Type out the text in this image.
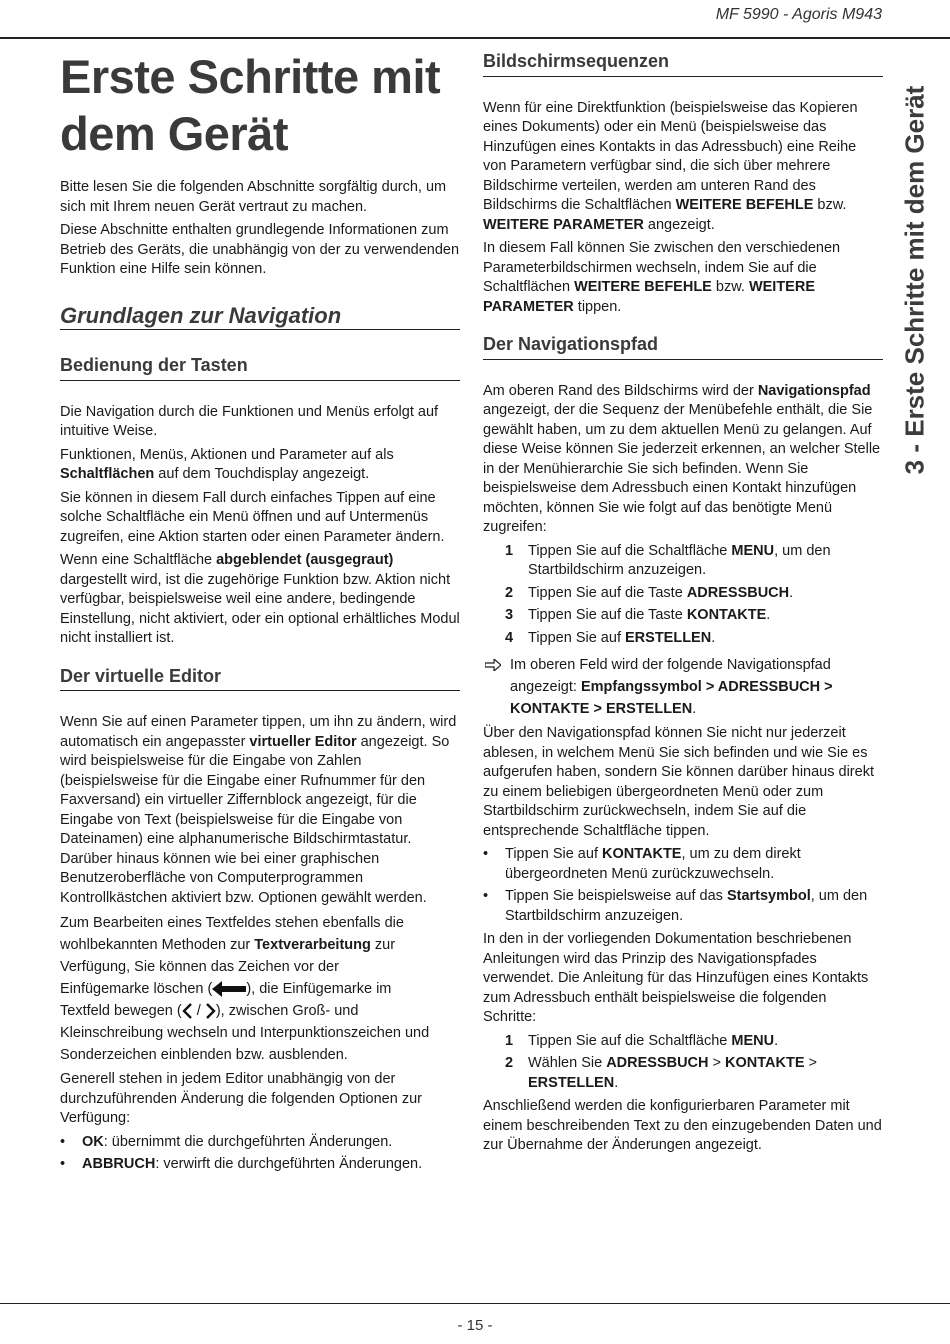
MF 5990 - Agoris M943
3 - Erste Schritte mit dem Gerät
Erste Schritte mit
dem Gerät

Bitte lesen Sie die folgenden Abschnitte sorgfältig durch, um sich mit Ihrem neuen Gerät vertraut zu machen.

Diese Abschnitte enthalten grundlegende Informationen zum Betrieb des Geräts, die unabhängig von der zu verwendenden Funktion eine Hilfe sein können.

Grundlagen zur Navigation
Bedienung der Tasten

Die Navigation durch die Funktionen und Menüs erfolgt auf intuitive Weise.

Funktionen, Menüs, Aktionen und Parameter auf als Schaltflächen auf dem Touchdisplay angezeigt.

Sie können in diesem Fall durch einfaches Tippen auf eine solche Schaltfläche ein Menü öffnen und auf Untermenüs zugreifen, eine Aktion starten oder einen Parameter ändern.

Wenn eine Schaltfläche abgeblendet (ausgegraut) dargestellt wird, ist die zugehörige Funktion bzw. Aktion nicht verfügbar, beispielsweise weil eine andere, bedingende Einstellung, nicht aktiviert, oder ein optional erhältliches Modul nicht installiert ist.

Der virtuelle Editor

Wenn Sie auf einen Parameter tippen, um ihn zu ändern, wird automatisch ein angepasster virtueller Editor angezeigt. So wird beispielsweise für die Eingabe von Zahlen (beispielsweise für die Eingabe einer Rufnummer für den Faxversand) ein virtueller Ziffernblock angezeigt, für die Eingabe von Text (beispielsweise für die Eingabe von Dateinamen) eine alphanumerische Bildschirmtastatur. Darüber hinaus können wie bei einer graphischen Benutzeroberfläche von Computerprogrammen Kontrollkästchen aktiviert bzw. Optionen gewählt werden.

Zum Bearbeiten eines Textfeldes stehen ebenfalls die wohlbekannten Methoden zur Textverarbeitung zur Verfügung, Sie können das Zeichen vor der
Einfügemarke löschen ( ), die Einfügemarke im
Textfeld bewegen ( / ), zwischen Groß- und Kleinschreibung wechseln und Interpunktionszeichen und Sonderzeichen einblenden bzw. ausblenden.

Generell stehen in jedem Editor unabhängig von der durchzuführenden Änderung die folgenden Optionen zur Verfügung:

• OK: übernimmt die durchgeführten Änderungen.
• ABBRUCH: verwirft die durchgeführten Änderungen.
Bildschirmsequenzen

Wenn für eine Direktfunktion (beispielsweise das Kopieren eines Dokuments) oder ein Menü (beispielsweise das Hinzufügen eines Kontakts in das Adressbuch) eine Reihe von Parametern verfügbar sind, die sich über mehrere Bildschirme verteilen, werden am unteren Rand des Bildschirms die Schaltflächen WEITERE BEFEHLE bzw. WEITERE PARAMETER angezeigt.

In diesem Fall können Sie zwischen den verschiedenen Parameterbildschirmen wechseln, indem Sie auf die Schaltflächen WEITERE BEFEHLE bzw. WEITERE PARAMETER tippen.

Der Navigationspfad

Am oberen Rand des Bildschirms wird der Navigationspfad angezeigt, der die Sequenz der Menübefehle enthält, die Sie gewählt haben, um zu dem aktuellen Menü zu gelangen. Auf diese Weise können Sie jederzeit erkennen, an welcher Stelle in der Menühierarchie Sie sich befinden. Wenn Sie beispielsweise dem Adressbuch einen Kontakt hinzufügen möchten, können Sie wie folgt auf das benötigte Menü zugreifen:

1 Tippen Sie auf die Schaltfläche MENU, um den Startbildschirm anzuzeigen.
2 Tippen Sie auf die Taste ADRESSBUCH.
3 Tippen Sie auf die Taste KONTAKTE.
4 Tippen Sie auf ERSTELLEN.
Im oberen Feld wird der folgende Navigationspfad angezeigt: Empfangssymbol > ADRESSBUCH > KONTAKTE > ERSTELLEN.

Über den Navigationspfad können Sie nicht nur jederzeit ablesen, in welchem Menü Sie sich befinden und wie Sie es aufgerufen haben, sondern Sie können darüber hinaus direkt zu einem beliebigen übergeordneten Menü oder zum Startbildschirm zurückwechseln, indem Sie auf die entsprechende Schaltfläche tippen.

• Tippen Sie auf KONTAKTE, um zu dem direkt übergeordneten Menü zurückzuwechseln.
• Tippen Sie beispielsweise auf das Startsymbol, um den Startbildschirm anzuzeigen.

In den in der vorliegenden Dokumentation beschriebenen Anleitungen wird das Prinzip des Navigationspfades verwendet. Die Anleitung für das Hinzufügen eines Kontakts zum Adressbuch enthält beispielsweise die folgenden Schritte:

1 Tippen Sie auf die Schaltfläche MENU.
2 Wählen Sie ADRESSBUCH > KONTAKTE > ERSTELLEN.

Anschließend werden die konfigurierbaren Parameter mit einem beschreibenden Text zu den einzugebenden Daten und zur Übernahme der Änderungen angezeigt.

- 15 -
